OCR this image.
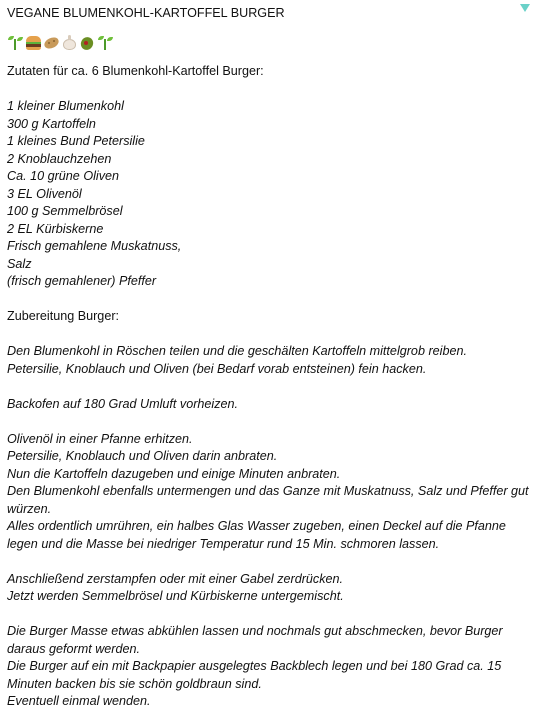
VEGANE BLUMENKOHL-KARTOFFEL BURGER
Zutaten für ca. 6 Blumenkohl-Kartoffel Burger:
1 kleiner Blumenkohl
300 g Kartoffeln
1 kleines Bund Petersilie
2 Knoblauchzehen
Ca. 10 grüne Oliven
3 EL Olivenöl
100 g Semmelbrösel
2 EL Kürbiskerne
Frisch gemahlene Muskatnuss,
Salz
(frisch gemahlener) Pfeffer
Zubereitung Burger:
Den Blumenkohl in Röschen teilen und die geschälten Kartoffeln mittelgrob reiben.
Petersilie, Knoblauch und Oliven (bei Bedarf vorab entsteinen) fein hacken.
Backofen auf 180 Grad Umluft vorheizen.
Olivenöl in einer Pfanne erhitzen.
Petersilie, Knoblauch und Oliven darin anbraten.
Nun die Kartoffeln dazugeben und einige Minuten anbraten.
Den Blumenkohl ebenfalls untermengen und das Ganze mit Muskatnuss, Salz und Pfeffer gut würzen.
Alles ordentlich umrühren, ein halbes Glas Wasser zugeben, einen Deckel auf die Pfanne legen und die Masse bei niedriger Temperatur rund 15 Min. schmoren lassen.
Anschließend zerstampfen oder mit einer Gabel zerdrücken.
Jetzt werden Semmelbrösel und Kürbiskerne untergemischt.
Die Burger Masse etwas abkühlen lassen und nochmals gut abschmecken, bevor Burger daraus geformt werden.
Die Burger auf ein mit Backpapier ausgelegtes Backblech legen und bei 180 Grad ca. 15 Minuten backen bis sie schön goldbraun sind.
Eventuell einmal wenden.
